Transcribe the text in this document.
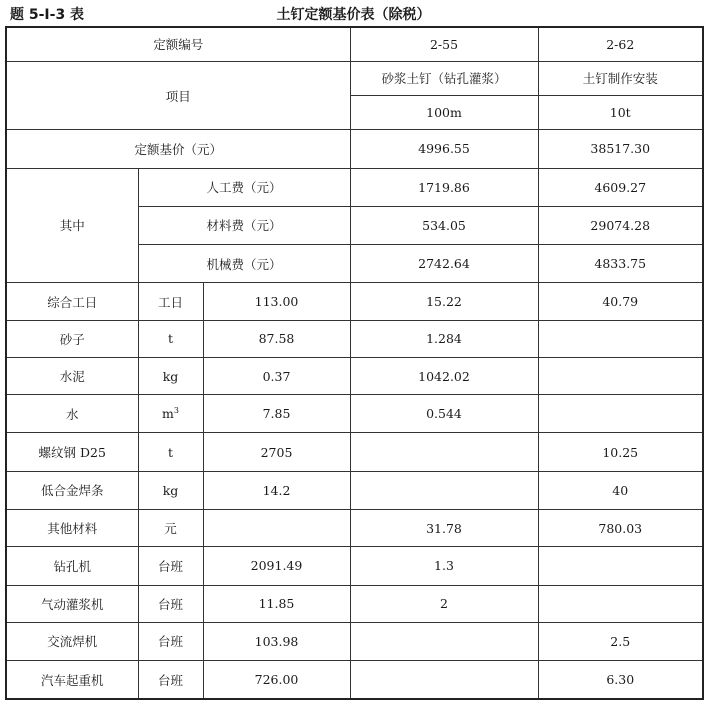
题 5-Ⅰ-3 表	土钉定额基价表（除税）
定额编号			2-55	2-62
项目			砂浆土钉（钻孔灌浆）	土钉制作安装
			100m	10t
定额基价（元）			4996.55	38517.30
其中	人工费（元）		1719.86	4609.27
	材料费（元）		534.05	29074.28
	机械费（元）		2742.64	4833.75
综合工日	工日	113.00	15.22	40.79
砂子	t	87.58	1.284	
水泥	kg	0.37	1042.02	
水	$m^3$	7.85	0.544	
螺纹钢 D25	t	2705		10.25
低合金焊条	kg	14.2		40
其他材料	元		31.78	780.03
钻孔机	台班	2091.49	1.3	
气动灌浆机	台班	11.85	2	
交流焊机	台班	103.98		2.5
汽车起重机	台班	726.00		6.30
